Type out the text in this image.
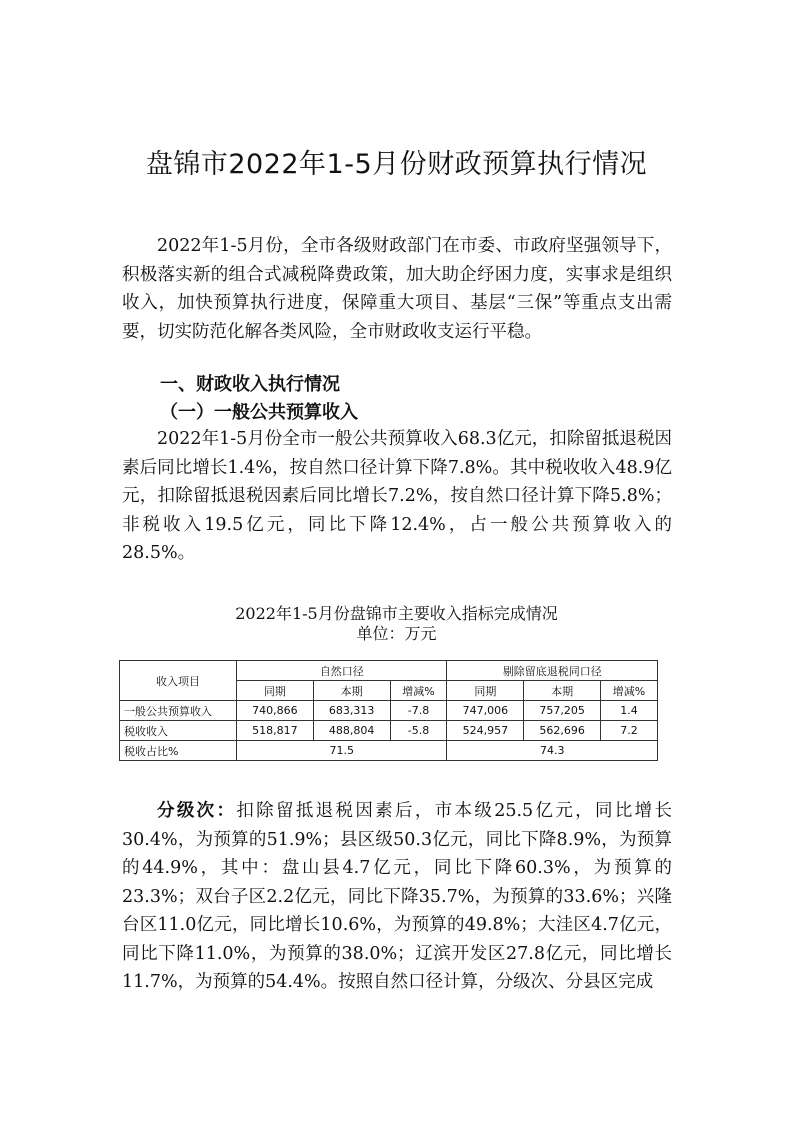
盘锦市2022年1-5月份财政预算执行情况

2022年1-5月份，全市各级财政部门在市委、市政府坚强领导下，积极落实新的组合式减税降费政策，加大助企纾困力度，实事求是组织收入，加快预算执行进度，保障重大项目、基层“三保”等重点支出需要，切实防范化解各类风险，全市财政收支运行平稳。

一、财政收入执行情况

（一）一般公共预算收入

2022年1-5月份全市一般公共预算收入68.3亿元，扣除留抵退税因素后同比增长1.4%，按自然口径计算下降7.8%。其中税收收入48.9亿元，扣除留抵退税因素后同比增长7.2%，按自然口径计算下降5.8%；非税收入19.5亿元，同比下降12.4%，占一般公共预算收入的28.5%。

2022年1-5月份盘锦市主要收入指标完成情况
单位：万元
收入项目	自然口径			剔除留底退税同口径		
	同期	本期	增减%	同期	本期	增减%
一般公共预算收入	740,866	683,313	-7.8	747,006	757,205	1.4
税收收入	518,817	488,804	-5.8	524,957	562,696	7.2
税收占比%	71.5			74.3		

分级次：扣除留抵退税因素后，市本级25.5亿元，同比增长30.4%，为预算的51.9%；县区级50.3亿元，同比下降8.9%，为预算的44.9%，其中：盘山县4.7亿元，同比下降60.3%，为预算的23.3%；双台子区2.2亿元，同比下降35.7%，为预算的33.6%；兴隆台区11.0亿元，同比增长10.6%，为预算的49.8%；大洼区4.7亿元，同比下降11.0%，为预算的38.0%；辽滨开发区27.8亿元，同比增长11.7%，为预算的54.4%。按照自然口径计算，分级次、分县区完成
